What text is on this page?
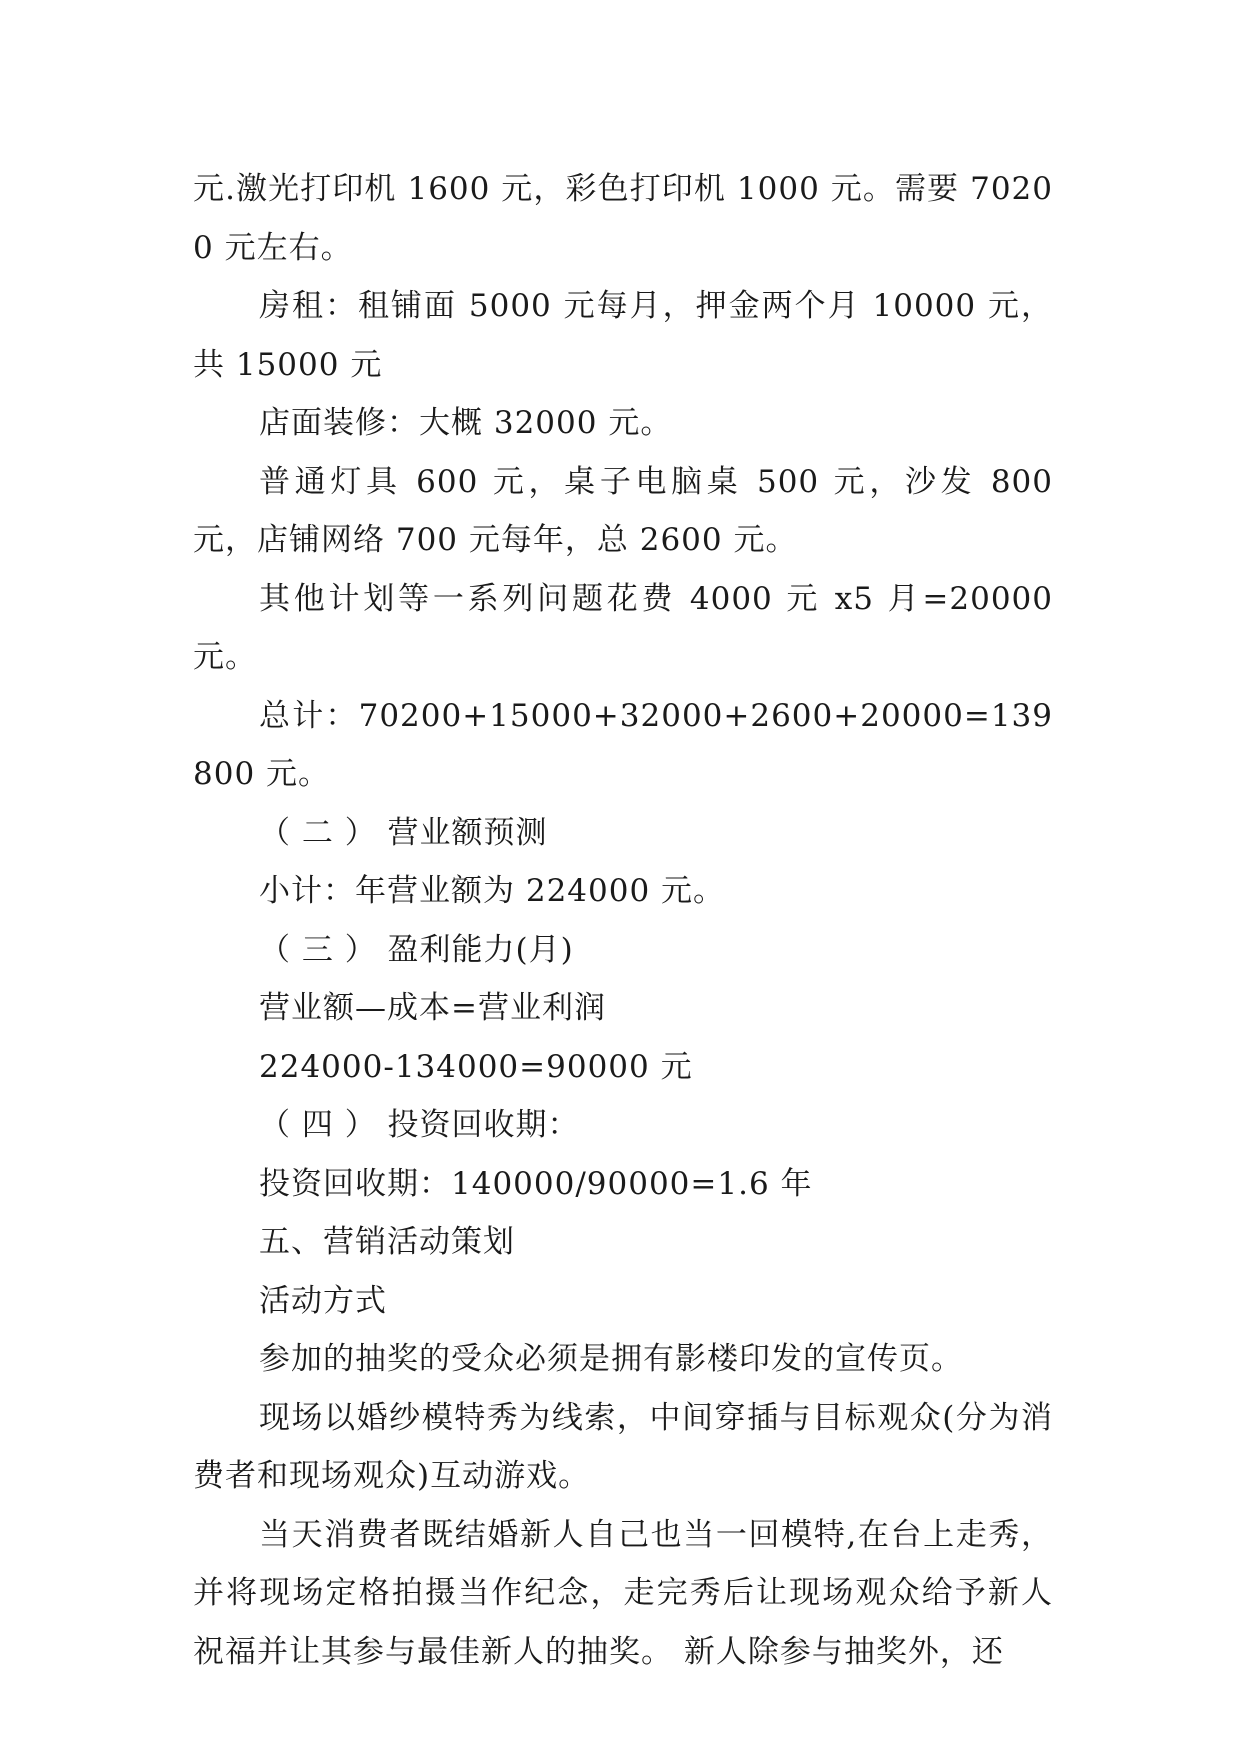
元.激光打印机 1600 元，彩色打印机 1000 元。需要 70200 元左右。

房租：租铺面 5000 元每月，押金两个月 10000 元，共 15000 元

店面装修：大概 32000 元。

普通灯具 600 元，桌子电脑桌 500 元，沙发 800 元，店铺网络 700 元每年，总 2600 元。

其他计划等一系列问题花费 4000 元 x5 月=20000 元。

总计：70200+15000+32000+2600+20000=139800 元。

（ 二 ） 营业额预测

小计：年营业额为 224000 元。

（ 三 ） 盈利能力(月)

营业额—成本=营业利润

224000-134000=90000 元

（ 四 ） 投资回收期：

投资回收期：140000/90000=1.6 年

五、营销活动策划

活动方式

参加的抽奖的受众必须是拥有影楼印发的宣传页。

现场以婚纱模特秀为线索，中间穿插与目标观众(分为消费者和现场观众)互动游戏。

当天消费者既结婚新人自己也当一回模特,在台上走秀，并将现场定格拍摄当作纪念，走完秀后让现场观众给予新人祝福并让其参与最佳新人的抽奖。 新人除参与抽奖外，还
